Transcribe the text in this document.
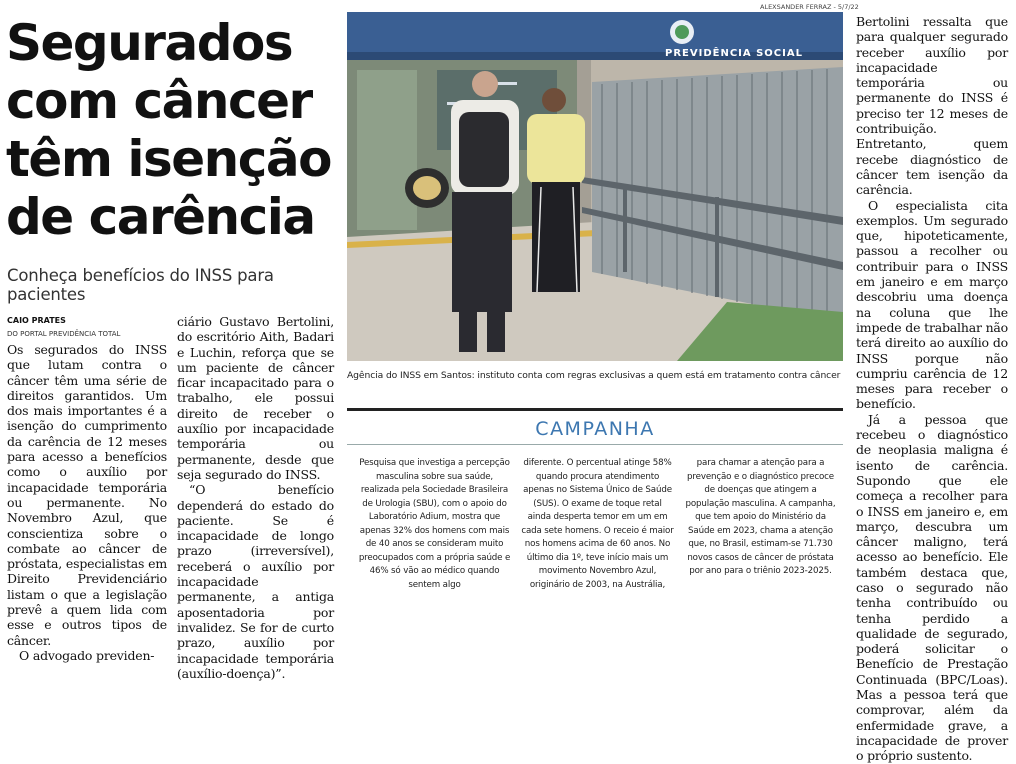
Segurados com câncer têm isenção de carência
Conheça benefícios do INSS para pacientes
CAIO PRATES
DO PORTAL PREVIDÊNCIA TOTAL

Os segurados do INSS que lutam contra o câncer têm uma série de direitos garantidos. Um dos mais importantes é a isenção do cumprimento da carência de 12 meses para acesso a benefícios como o auxílio por incapacidade temporária ou permanente. No Novembro Azul, que conscientiza sobre o combate ao câncer de próstata, especialistas em Direito Previdenciário listam o que a legislação prevê a quem lida com esse e outros tipos de câncer.

O advogado previden-

ciário Gustavo Bertolini, do escritório Aith, Badari e Luchin, reforça que se um paciente de câncer ficar incapacitado para o trabalho, ele possui direito de receber o auxílio por incapacidade temporária ou permanente, desde que seja segurado do INSS.

“O benefício dependerá do estado do paciente. Se é incapacidade de longo prazo (irreversível), receberá o auxílio por incapacidade permanente, a antiga aposentadoria por invalidez. Se for de curto prazo, auxílio por incapacidade temporária (auxílio-doença)”.

Bertolini ressalta que para qualquer segurado receber auxílio por incapacidade temporária ou permanente do INSS é preciso ter 12 meses de contribuição. Entretanto, quem recebe diagnóstico de câncer tem isenção da carência.

O especialista cita exemplos. Um segurado que, hipoteticamente, passou a recolher ou contribuir para o INSS em janeiro e em março descobriu uma doença na coluna que lhe impede de trabalhar não terá direito ao auxílio do INSS porque não cumpriu carência de 12 meses para receber o benefício.

Já a pessoa que recebeu o diagnóstico de neoplasia maligna é isento de carência. Supondo que ele começa a recolher para o INSS em janeiro e, em março, descubra um câncer maligno, terá acesso ao benefício. Ele também destaca que, caso o segurado não tenha contribuído ou tenha perdido a qualidade de segurado, poderá solicitar o Benefício de Prestação Continuada (BPC/Loas). Mas a pessoa terá que comprovar, além da enfermidade grave, a incapacidade de prover o próprio sustento.

ALEXSANDER FERRAZ - 5/7/22
PREVIDÊNCIA SOCIAL
Agência do INSS em Santos: instituto conta com regras exclusivas a quem está em tratamento contra câncer
CAMPANHA
Pesquisa que investiga a percepção masculina sobre sua saúde, realizada pela Sociedade Brasileira de Urologia (SBU), com o apoio do Laboratório Adium, mostra que apenas 32% dos homens com mais de 40 anos se consideram muito preocupados com a própria saúde e 46% só vão ao médico quando sentem algo
diferente. O percentual atinge 58% quando procura atendimento apenas no Sistema Único de Saúde (SUS). O exame de toque retal ainda desperta temor em um em cada sete homens. O receio é maior nos homens acima de 60 anos. No último dia 1º, teve início mais um movimento Novembro Azul, originário de 2003, na Austrália,
para chamar a atenção para a prevenção e o diagnóstico precoce de doenças que atingem a população masculina. A campanha, que tem apoio do Ministério da Saúde em 2023, chama a atenção que, no Brasil, estimam-se 71.730 novos casos de câncer de próstata por ano para o triênio 2023-2025.
